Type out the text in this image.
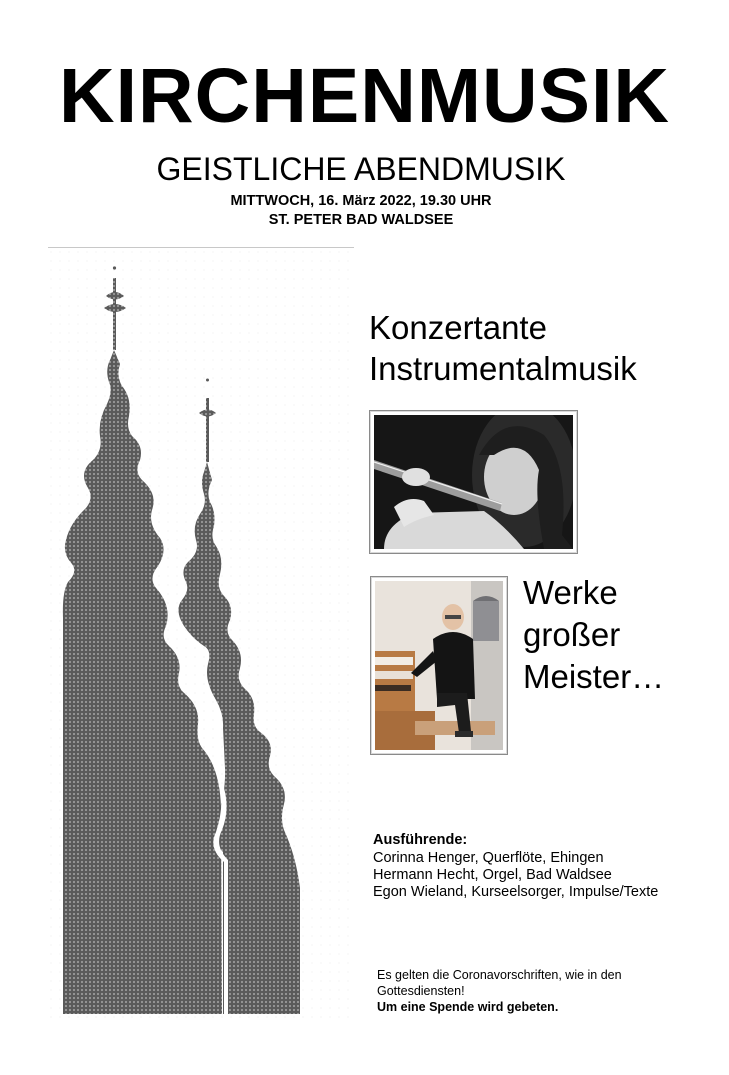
KIRCHENMUSIK
GEISTLICHE ABENDMUSIK
MITTWOCH, 16. März 2022, 19.30 UHR
ST. PETER BAD WALDSEE
Konzertante
Instrumentalmusik
Werke
großer
Meister…
Ausführende:
Corinna Henger, Querflöte, Ehingen
Hermann Hecht, Orgel, Bad Waldsee
Egon Wieland, Kurseelsorger, Impulse/Texte
Es gelten die Coronavorschriften, wie in den
Gottesdiensten!
Um eine Spende wird gebeten.
